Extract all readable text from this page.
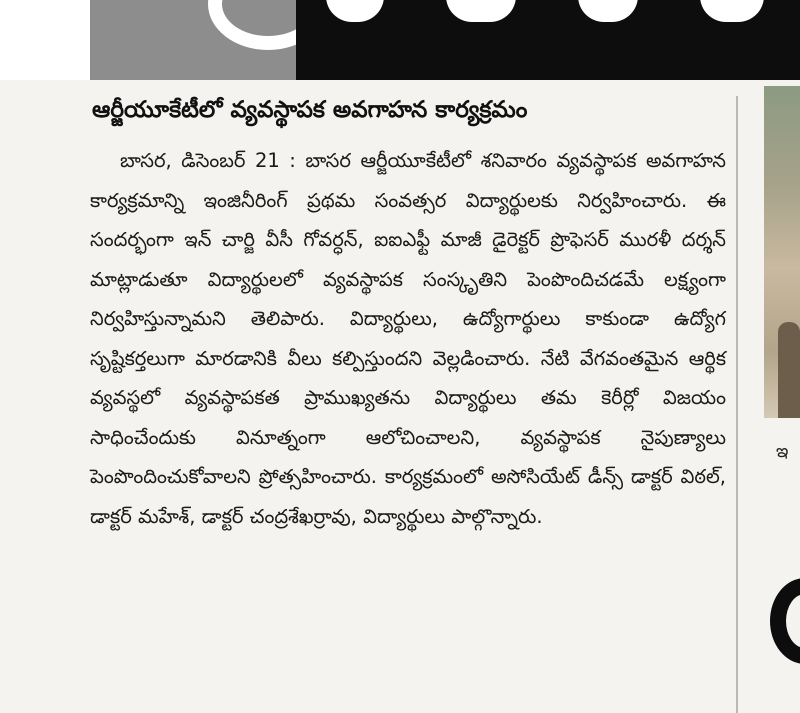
ఆర్జీయూకేటీలో వ్యవస్థాపక అవగాహన కార్యక్రమం

బాసర, డిసెంబర్ 21 : బాసర ఆర్జీయూకేటీలో శనివారం వ్యవస్థాపక అవగాహన కార్యక్రమాన్ని ఇంజినీరింగ్ ప్రథమ సంవత్సర విద్యార్థులకు నిర్వహించారు. ఈ సందర్భంగా ఇన్ చార్జి వీసీ గోవర్ధన్, ఐఐఎఫ్టీ మాజీ డైరెక్టర్ ప్రొఫెసర్ మురళీ దర్శన్ మాట్లాడుతూ విద్యార్థులలో వ్యవస్థాపక సంస్కృతిని పెంపొందిచడమే లక్ష్యంగా నిర్వహిస్తున్నామని తెలిపారు. విద్యార్థులు, ఉద్యోగార్థులు కాకుండా ఉద్యోగ సృష్టికర్తలుగా మారడానికి వీలు కల్పిస్తుందని వెల్లడించారు. నేటి వేగవంతమైన ఆర్థిక వ్యవస్థలో వ్యవస్థాపకత ప్రాముఖ్యతను విద్యార్థులు తమ కెరీర్లో విజయం సాధించేందుకు వినూత్నంగా ఆలోచించాలని, వ్యవస్థాపక నైపుణ్యాలు పెంపొందించుకోవాలని ప్రోత్సహించారు. కార్యక్రమంలో అసోసియేట్ డీన్స్ డాక్టర్ విఠల్, డాక్టర్ మహేశ్, డాక్టర్ చంద్రశేఖర్రావు, విద్యార్థులు పాల్గొన్నారు.

ఇ
